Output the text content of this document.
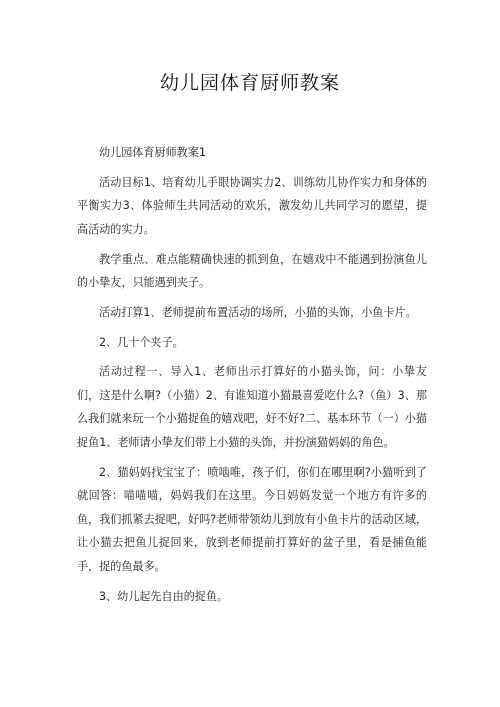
幼儿园体育厨师教案

幼儿园体育厨师教案1

活动目标1、培育幼儿手眼协调实力2、训练幼儿协作实力和身体的平衡实力3、体验师生共同活动的欢乐，激发幼儿共同学习的愿望，提高活动的实力。

教学重点、难点能精确快速的抓到鱼，在嬉戏中不能遇到扮演鱼儿的小挚友，只能遇到夹子。

活动打算1、老师提前布置活动的场所，小猫的头饰，小鱼卡片。

2、几十个夹子。

活动过程一、导入1、老师出示打算好的小猫头饰，问：小挚友们，这是什么啊?（小猫）2、有谁知道小猫最喜爱吃什么?（鱼）3、那么我们就来玩一个小猫捉鱼的嬉戏吧，好不好?二、基本环节（一）小猫捉鱼1、老师请小挚友们带上小猫的头饰，并扮演猫妈妈的角色。

2、猫妈妈找宝宝了：喷啮唯，孩子们，你们在哪里啊?小猫听到了就回答：喵喵喵，妈妈我们在这里。今日妈妈发觉一个地方有许多的鱼，我们抓紧去捉吧，好吗?老师带领幼儿到放有小鱼卡片的活动区域，让小猫去把鱼儿捉回来，放到老师提前打算好的盆子里，看是捕鱼能手，捉的鱼最多。

3、幼儿起先自由的捉鱼。
